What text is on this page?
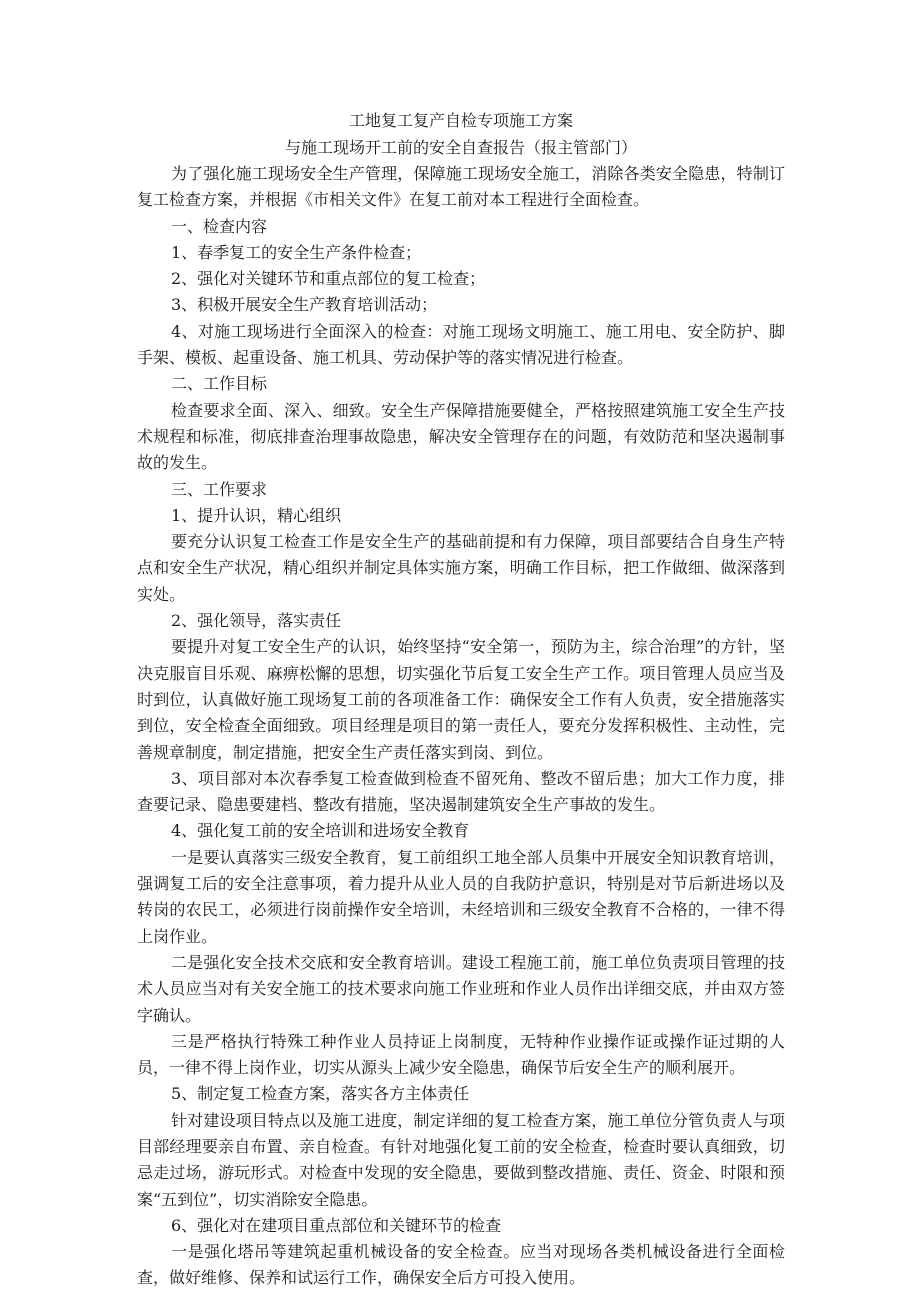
工地复工复产自检专项施工方案
与施工现场开工前的安全自查报告（报主管部门）
为了强化施工现场安全生产管理，保障施工现场安全施工，消除各类安全隐患，特制订复工检查方案，并根据《市相关文件》在复工前对本工程进行全面检查。
一、检查内容
1、春季复工的安全生产条件检查；
2、强化对关键环节和重点部位的复工检查；
3、积极开展安全生产教育培训活动；
4、对施工现场进行全面深入的检查：对施工现场文明施工、施工用电、安全防护、脚手架、模板、起重设备、施工机具、劳动保护等的落实情况进行检查。
二、工作目标
检查要求全面、深入、细致。安全生产保障措施要健全，严格按照建筑施工安全生产技术规程和标准，彻底排查治理事故隐患，解决安全管理存在的问题，有效防范和坚决遏制事故的发生。
三、工作要求
1、提升认识，精心组织
要充分认识复工检查工作是安全生产的基础前提和有力保障，项目部要结合自身生产特点和安全生产状况，精心组织并制定具体实施方案，明确工作目标，把工作做细、做深落到实处。
2、强化领导，落实责任
要提升对复工安全生产的认识，始终坚持“安全第一，预防为主，综合治理”的方针，坚决克服盲目乐观、麻痹松懈的思想，切实强化节后复工安全生产工作。项目管理人员应当及时到位，认真做好施工现场复工前的各项准备工作：确保安全工作有人负责，安全措施落实到位，安全检查全面细致。项目经理是项目的第一责任人，要充分发挥积极性、主动性，完善规章制度，制定措施，把安全生产责任落实到岗、到位。
3、项目部对本次春季复工检查做到检查不留死角、整改不留后患；加大工作力度，排查要记录、隐患要建档、整改有措施，坚决遏制建筑安全生产事故的发生。
4、强化复工前的安全培训和进场安全教育
一是要认真落实三级安全教育，复工前组织工地全部人员集中开展安全知识教育培训，强调复工后的安全注意事项，着力提升从业人员的自我防护意识，特别是对节后新进场以及转岗的农民工，必须进行岗前操作安全培训，未经培训和三级安全教育不合格的，一律不得上岗作业。
二是强化安全技术交底和安全教育培训。建设工程施工前，施工单位负责项目管理的技术人员应当对有关安全施工的技术要求向施工作业班和作业人员作出详细交底，并由双方签字确认。
三是严格执行特殊工种作业人员持证上岗制度，无特种作业操作证或操作证过期的人员，一律不得上岗作业，切实从源头上减少安全隐患，确保节后安全生产的顺利展开。
5、制定复工检查方案，落实各方主体责任
针对建设项目特点以及施工进度，制定详细的复工检查方案，施工单位分管负责人与项目部经理要亲自布置、亲自检查。有针对地强化复工前的安全检查，检查时要认真细致，切忌走过场，游玩形式。对检查中发现的安全隐患，要做到整改措施、责任、资金、时限和预案“五到位”，切实消除安全隐患。
6、强化对在建项目重点部位和关键环节的检查
一是强化塔吊等建筑起重机械设备的安全检查。应当对现场各类机械设备进行全面检查，做好维修、保养和试运行工作，确保安全后方可投入使用。
